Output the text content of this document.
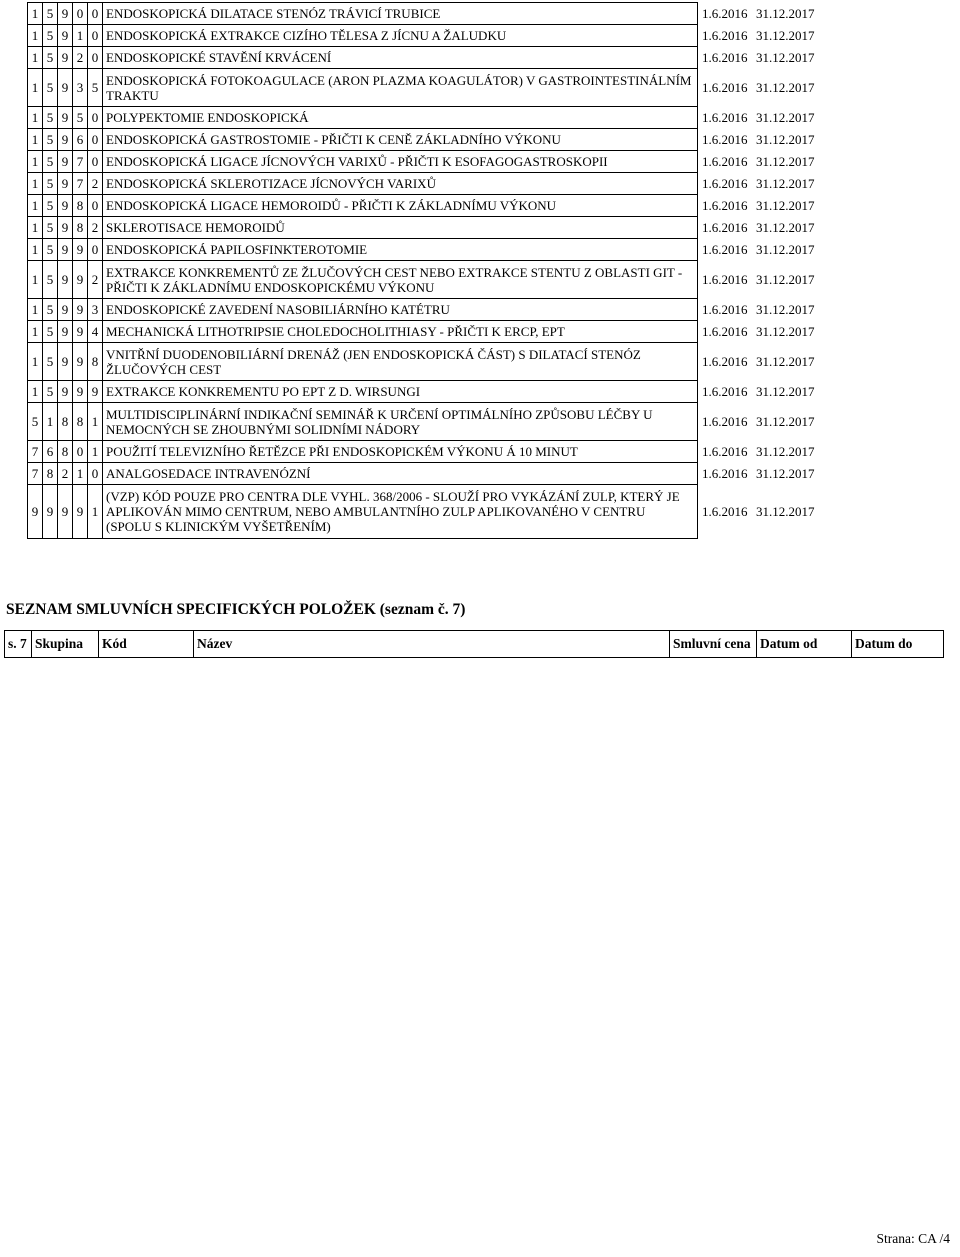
1	5	9	0	0	ENDOSKOPICKÁ DILATACE STENÓZ TRÁVICÍ TRUBICE	1.6.2016	31.12.2017
1	5	9	1	0	ENDOSKOPICKÁ EXTRAKCE CIZÍHO TĚLESA Z JÍCNU A ŽALUDKU	1.6.2016	31.12.2017
1	5	9	2	0	ENDOSKOPICKÉ STAVĚNÍ KRVÁCENÍ	1.6.2016	31.12.2017
1	5	9	3	5	ENDOSKOPICKÁ FOTOKOAGULACE (ARON PLAZMA KOAGULÁTOR) V GASTROINTESTINÁLNÍM TRAKTU	1.6.2016	31.12.2017
1	5	9	5	0	POLYPEKTOMIE ENDOSKOPICKÁ	1.6.2016	31.12.2017
1	5	9	6	0	ENDOSKOPICKÁ GASTROSTOMIE - PŘIČTI K CENĚ ZÁKLADNÍHO VÝKONU	1.6.2016	31.12.2017
1	5	9	7	0	ENDOSKOPICKÁ LIGACE JÍCNOVÝCH VARIXŮ - PŘIČTI K ESOFAGOGASTROSKOPII	1.6.2016	31.12.2017
1	5	9	7	2	ENDOSKOPICKÁ SKLEROTIZACE JÍCNOVÝCH VARIXŮ	1.6.2016	31.12.2017
1	5	9	8	0	ENDOSKOPICKÁ LIGACE HEMOROIDŮ - PŘIČTI K ZÁKLADNÍMU VÝKONU	1.6.2016	31.12.2017
1	5	9	8	2	SKLEROTISACE HEMOROIDŮ	1.6.2016	31.12.2017
1	5	9	9	0	ENDOSKOPICKÁ PAPILOSFINKTEROTOMIE	1.6.2016	31.12.2017
1	5	9	9	2	EXTRAKCE KONKREMENTŮ ZE ŽLUČOVÝCH CEST NEBO EXTRAKCE STENTU Z OBLASTI GIT - PŘIČTI K ZÁKLADNÍMU ENDOSKOPICKÉMU VÝKONU	1.6.2016	31.12.2017
1	5	9	9	3	ENDOSKOPICKÉ ZAVEDENÍ NASOBILIÁRNÍHO KATÉTRU	1.6.2016	31.12.2017
1	5	9	9	4	MECHANICKÁ LITHOTRIPSIE CHOLEDOCHOLITHIASY - PŘIČTI K ERCP, EPT	1.6.2016	31.12.2017
1	5	9	9	8	VNITŘNÍ DUODENOBILIÁRNÍ DRENÁŽ (JEN ENDOSKOPICKÁ ČÁST) S DILATACÍ STENÓZ ŽLUČOVÝCH CEST	1.6.2016	31.12.2017
1	5	9	9	9	EXTRAKCE KONKREMENTU PO EPT Z D. WIRSUNGI	1.6.2016	31.12.2017
5	1	8	8	1	MULTIDISCIPLINÁRNÍ INDIKAČNÍ SEMINÁŘ K URČENÍ OPTIMÁLNÍHO ZPŮSOBU LÉČBY U NEMOCNÝCH SE ZHOUBNÝMI SOLIDNÍMI NÁDORY	1.6.2016	31.12.2017
7	6	8	0	1	POUŽITÍ TELEVIZNÍHO ŘETĚZCE PŘI ENDOSKOPICKÉM VÝKONU Á 10 MINUT	1.6.2016	31.12.2017
7	8	2	1	0	ANALGOSEDACE INTRAVENÓZNÍ	1.6.2016	31.12.2017
9	9	9	9	1	(VZP) KÓD POUZE PRO CENTRA DLE VYHL. 368/2006 - SLOUŽÍ PRO VYKÁZÁNÍ ZULP, KTERÝ JE APLIKOVÁN MIMO CENTRUM, NEBO AMBULANTNÍHO ZULP APLIKOVANÉHO V CENTRU (SPOLU S KLINICKÝM VYŠETŘENÍM)	1.6.2016	31.12.2017
SEZNAM SMLUVNÍCH SPECIFICKÝCH POLOŽEK (seznam č. 7)
s. 7	Skupina	Kód	Název	Smluvní cena	Datum od	Datum do
Strana: CA /4
